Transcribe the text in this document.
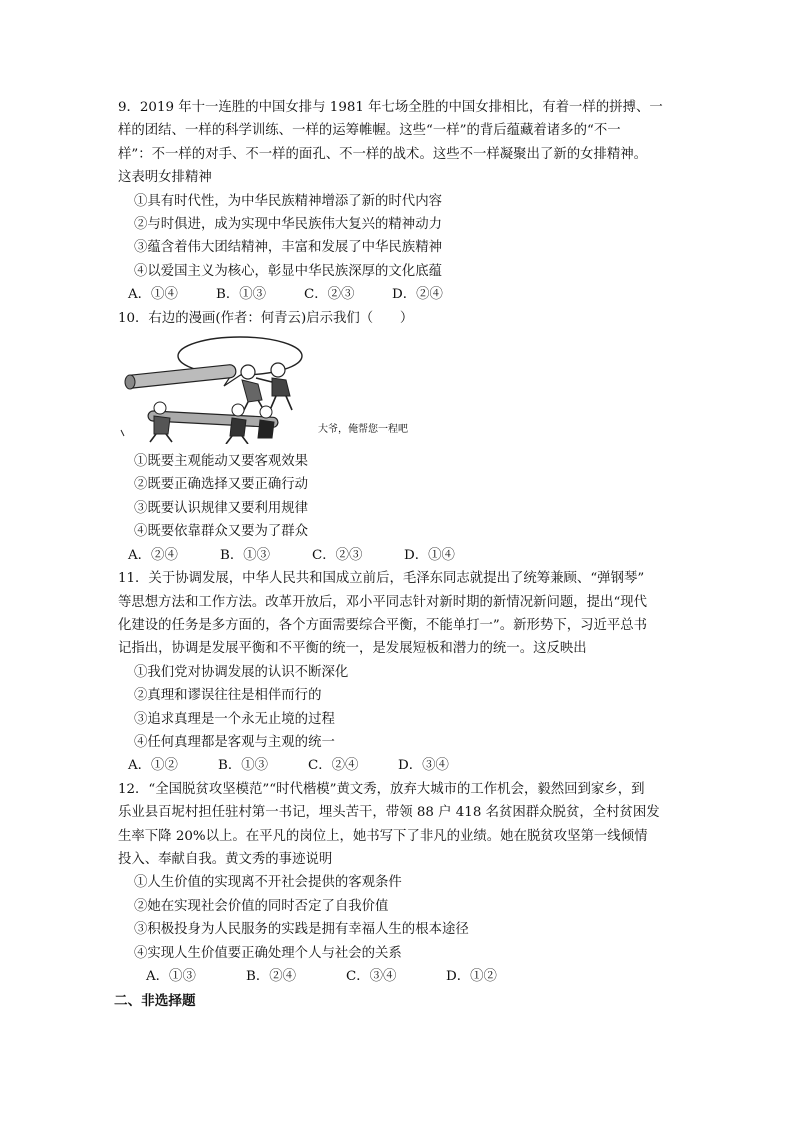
9．2019 年十一连胜的中国女排与 1981 年七场全胜的中国女排相比，有着一样的拼搏、一
样的团结、一样的科学训练、一样的运筹帷幄。这些“一样”的背后蕴藏着诸多的“不一
样”：不一样的对手、不一样的面孔、不一样的战术。这些不一样凝聚出了新的女排精神。
这表明女排精神
①具有时代性，为中华民族精神增添了新的时代内容
②与时俱进，成为实现中华民族伟大复兴的精神动力
③蕴含着伟大团结精神，丰富和发展了中华民族精神
④以爱国主义为核心，彰显中华民族深厚的文化底蕴
A．①④	B．①③	C．②③	D．②④
10．右边的漫画(作者：何青云)启示我们（　　）
大爷，俺帮您一程吧
①既要主观能动又要客观效果
②既要正确选择又要正确行动
③既要认识规律又要利用规律
④既要依靠群众又要为了群众
A．②④	B．①③	C．②③	D．①④
11．关于协调发展，中华人民共和国成立前后，毛泽东同志就提出了统筹兼顾、“弹钢琴”
等思想方法和工作方法。改革开放后，邓小平同志针对新时期的新情况新问题，提出“现代
化建设的任务是多方面的，各个方面需要综合平衡，不能单打一”。新形势下，习近平总书
记指出，协调是发展平衡和不平衡的统一，是发展短板和潜力的统一。这反映出
①我们党对协调发展的认识不断深化
②真理和谬误往往是相伴而行的
③追求真理是一个永无止境的过程
④任何真理都是客观与主观的统一
A．①②	B．①③	C．②④	D．③④
12．“全国脱贫攻坚模范”“时代楷模”黄文秀，放弃大城市的工作机会，毅然回到家乡，到
乐业县百坭村担任驻村第一书记，埋头苦干，带领 88 户 418 名贫困群众脱贫，全村贫困发
生率下降 20%以上。在平凡的岗位上，她书写下了非凡的业绩。她在脱贫攻坚第一线倾情
投入、奉献自我。黄文秀的事迹说明
①人生价值的实现离不开社会提供的客观条件
②她在实现社会价值的同时否定了自我价值
③积极投身为人民服务的实践是拥有幸福人生的根本途径
④实现人生价值要正确处理个人与社会的关系
A．①③	B．②④	C．③④	D．①②
二、非选择题
